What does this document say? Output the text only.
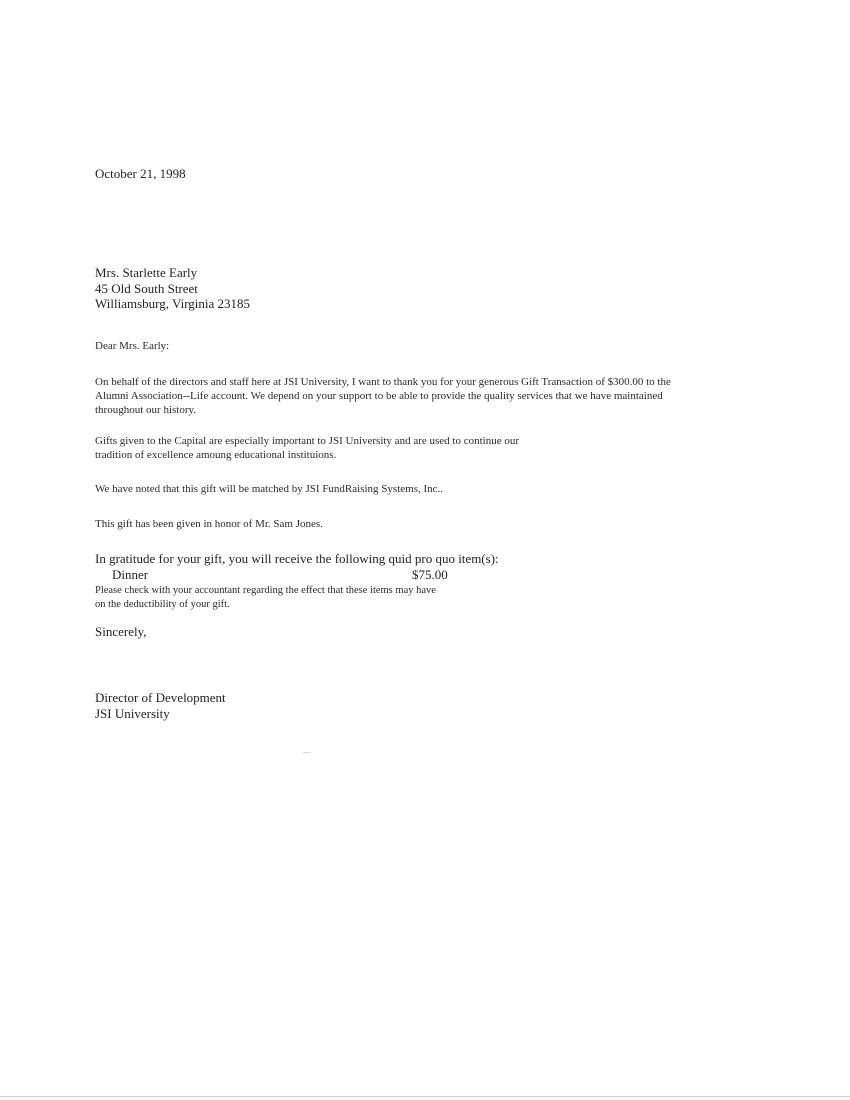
October 21, 1998
Mrs. Starlette Early
45 Old South Street
Williamsburg, Virginia 23185
Dear Mrs. Early:
On behalf of the directors and staff here at JSI University, I want to thank you for your generous Gift Transaction of $300.00 to the
Alumni Association--Life account. We depend on your support to be able to provide the quality services that we have maintained
throughout our history.
Gifts given to the Capital are especially important to JSI University and are used to continue our
tradition of excellence amoung educational instituions.
We have noted that this gift will be matched by JSI FundRaising Systems, Inc..
This gift has been given in honor of Mr. Sam Jones.
In gratitude for your gift, you will receive the following quid pro quo item(s):
Dinner	$75.00
Please check with your accountant regarding the effect that these items may have
on the deductibility of your gift.
Sincerely,
Director of Development
JSI University
